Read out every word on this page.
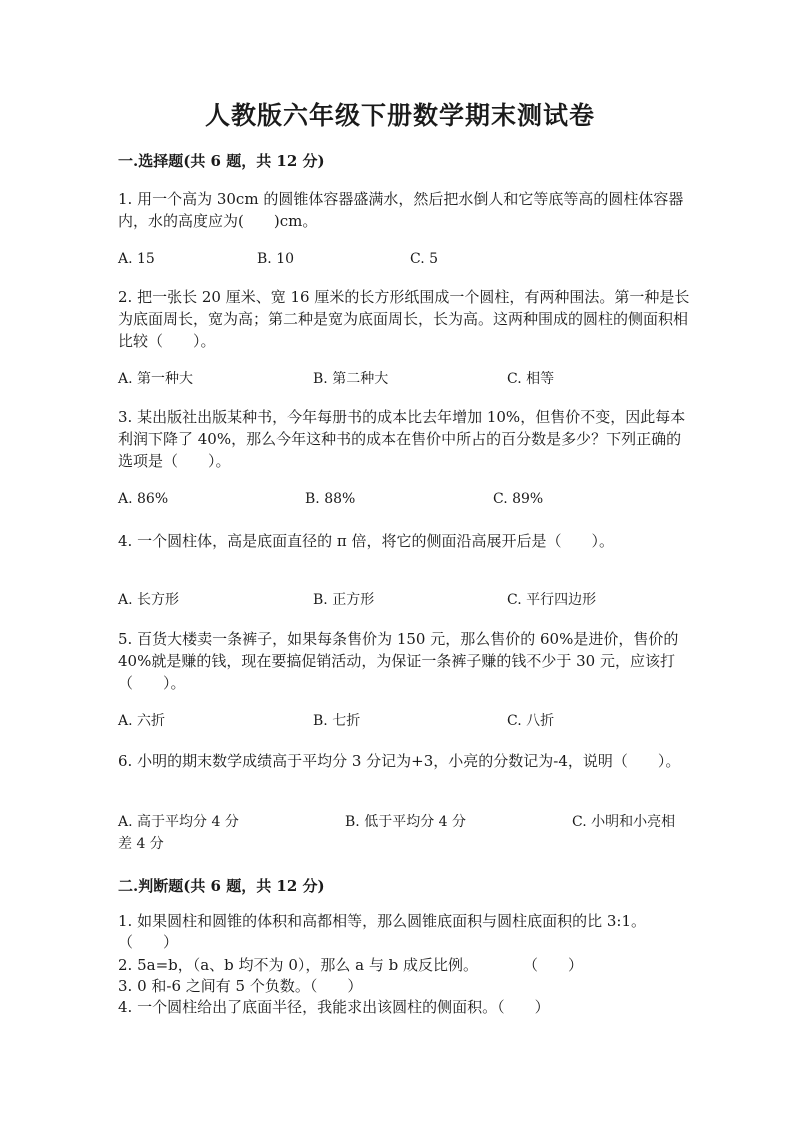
人教版六年级下册数学期末测试卷
一.选择题(共 6 题，共 12 分)
1. 用一个高为 30cm 的圆锥体容器盛满水，然后把水倒人和它等底等高的圆柱体容器内，水的高度应为(　　)cm。
A. 15	B. 10	C. 5
2. 把一张长 20 厘米、宽 16 厘米的长方形纸围成一个圆柱，有两种围法。第一种是长为底面周长，宽为高；第二种是宽为底面周长，长为高。这两种围成的圆柱的侧面积相比较（　　）。
A. 第一种大	B. 第二种大	C. 相等
3. 某出版社出版某种书，今年每册书的成本比去年增加 10%，但售价不变，因此每本利润下降了 40%，那么今年这种书的成本在售价中所占的百分数是多少？下列正确的选项是（　　）。
A. 86%	B. 88%	C. 89%
4. 一个圆柱体，高是底面直径的 π 倍，将它的侧面沿高展开后是（　　）。
A. 长方形	B. 正方形	C. 平行四边形
5. 百货大楼卖一条裤子，如果每条售价为 150 元，那么售价的 60%是进价，售价的 40%就是赚的钱，现在要搞促销活动，为保证一条裤子赚的钱不少于 30 元，应该打（　　）。
A. 六折	B. 七折	C. 八折
6. 小明的期末数学成绩高于平均分 3 分记为+3，小亮的分数记为-4，说明（　　）。
A. 高于平均分 4 分	B. 低于平均分 4 分	C. 小明和小亮相差 4 分
二.判断题(共 6 题，共 12 分)
1. 如果圆柱和圆锥的体积和高都相等，那么圆锥底面积与圆柱底面积的比 3:1。（　　）
2. 5a=b，（a、b 均不为 0），那么 a 与 b 成反比例。　　　　（　　）
3. 0 和-6 之间有 5 个负数。（　　）
4. 一个圆柱给出了底面半径，我能求出该圆柱的侧面积。（　　）
